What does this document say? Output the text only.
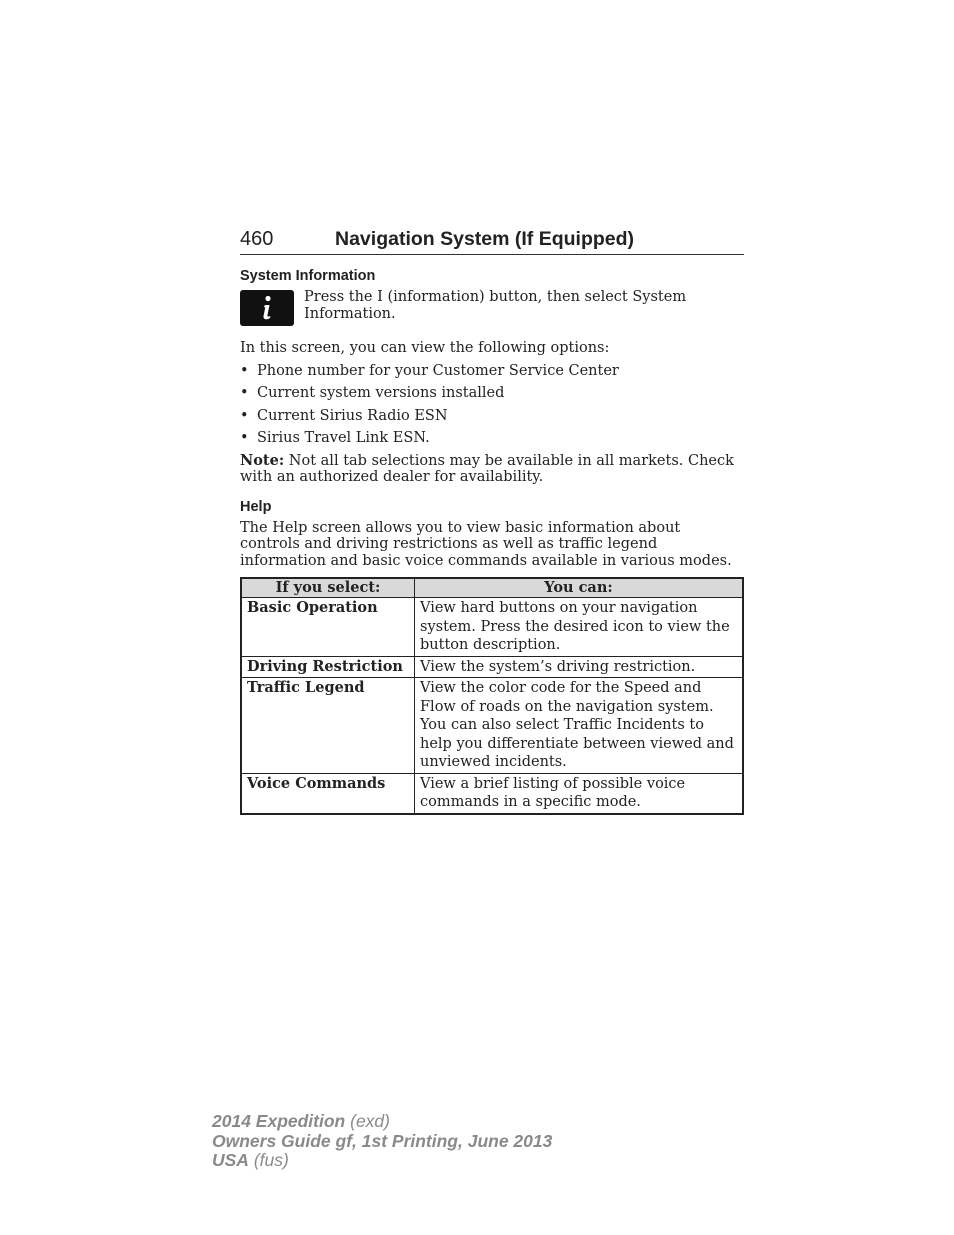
460	Navigation System (If Equipped)
System Information
Press the I (information) button, then select System Information.

In this screen, you can view the following options:

• Phone number for your Customer Service Center
• Current system versions installed
• Current Sirius Radio ESN
• Sirius Travel Link ESN.

Note: Not all tab selections may be available in all markets. Check with an authorized dealer for availability.

Help

The Help screen allows you to view basic information about controls and driving restrictions as well as traffic legend information and basic voice commands available in various modes.

If you select:	You can:
Basic Operation	View hard buttons on your navigation system. Press the desired icon to view the button description.
Driving Restriction	View the system’s driving restriction.
Traffic Legend	View the color code for the Speed and Flow of roads on the navigation system. You can also select Traffic Incidents to help you differentiate between viewed and unviewed incidents.
Voice Commands	View a brief listing of possible voice commands in a specific mode.
2014 Expedition (exd)
Owners Guide gf, 1st Printing, June 2013
USA (fus)
